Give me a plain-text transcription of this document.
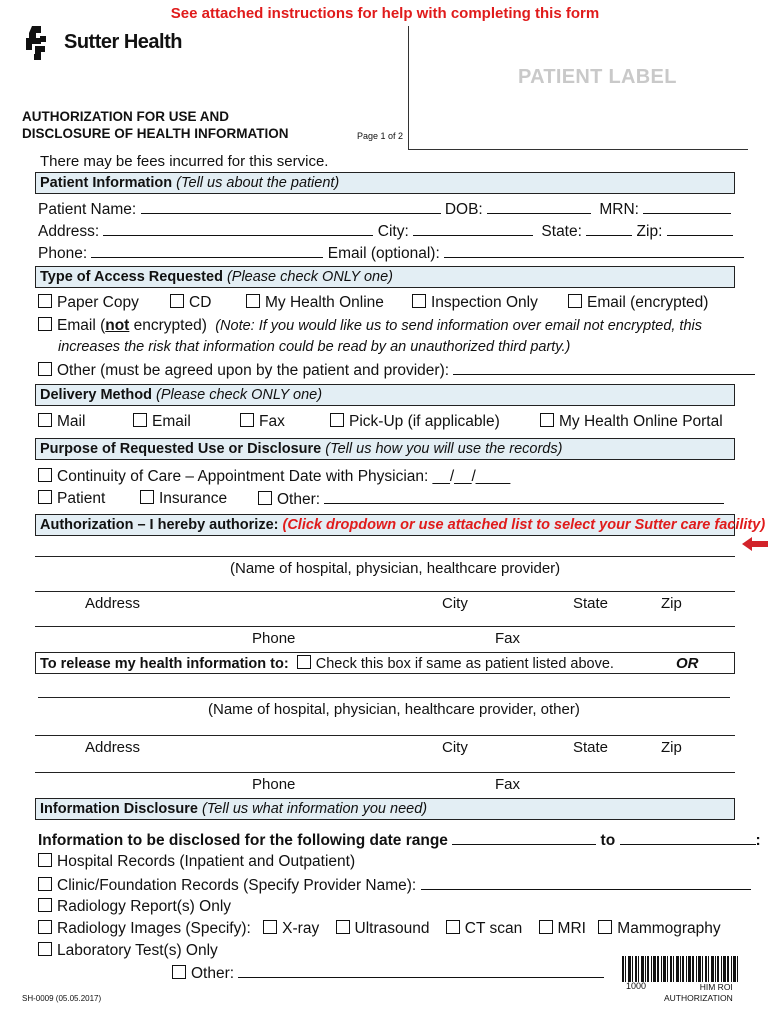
See attached instructions for help with completing this form
Sutter Health
PATIENT LABEL
AUTHORIZATION FOR USE AND
DISCLOSURE OF HEALTH INFORMATION	Page 1 of 2
There may be fees incurred for this service.
Patient Information (Tell us about the patient)
Patient Name:	DOB:	MRN:
Address:	City:	State:	Zip:
Phone:	Email (optional):
Type of Access Requested (Please check ONLY one)
Paper Copy	CD	My Health Online	Inspection Only	Email (encrypted)
Email (not encrypted) (Note: If you would like us to send information over email not encrypted, this
increases the risk that information could be read by an unauthorized third party.)
Other (must be agreed upon by the patient and provider):
Delivery Method (Please check ONLY one)
Mail	Email	Fax	Pick-Up (if applicable)	My Health Online Portal
Purpose of Requested Use or Disclosure (Tell us how you will use the records)
Continuity of Care – Appointment Date with Physician: __/__/____
Patient	Insurance	Other:
Authorization – I hereby authorize: (Click dropdown or use attached list to select your Sutter care facility)
(Name of hospital, physician, healthcare provider)
Address	City	State	Zip
Phone	Fax
To release my health information to: Check this box if same as patient listed above.	OR
(Name of hospital, physician, healthcare provider, other)
Address	City	State	Zip
Phone	Fax
Information Disclosure (Tell us what information you need)
Information to be disclosed for the following date range	to	:
Hospital Records (Inpatient and Outpatient)
Clinic/Foundation Records (Specify Provider Name):
Radiology Report(s) Only
Radiology Images (Specify): X-ray Ultrasound CT scan MRI Mammography
Laboratory Test(s) Only
Other:
SH-0009 (05.05.2017)
1000	HIM ROI
AUTHORIZATION
